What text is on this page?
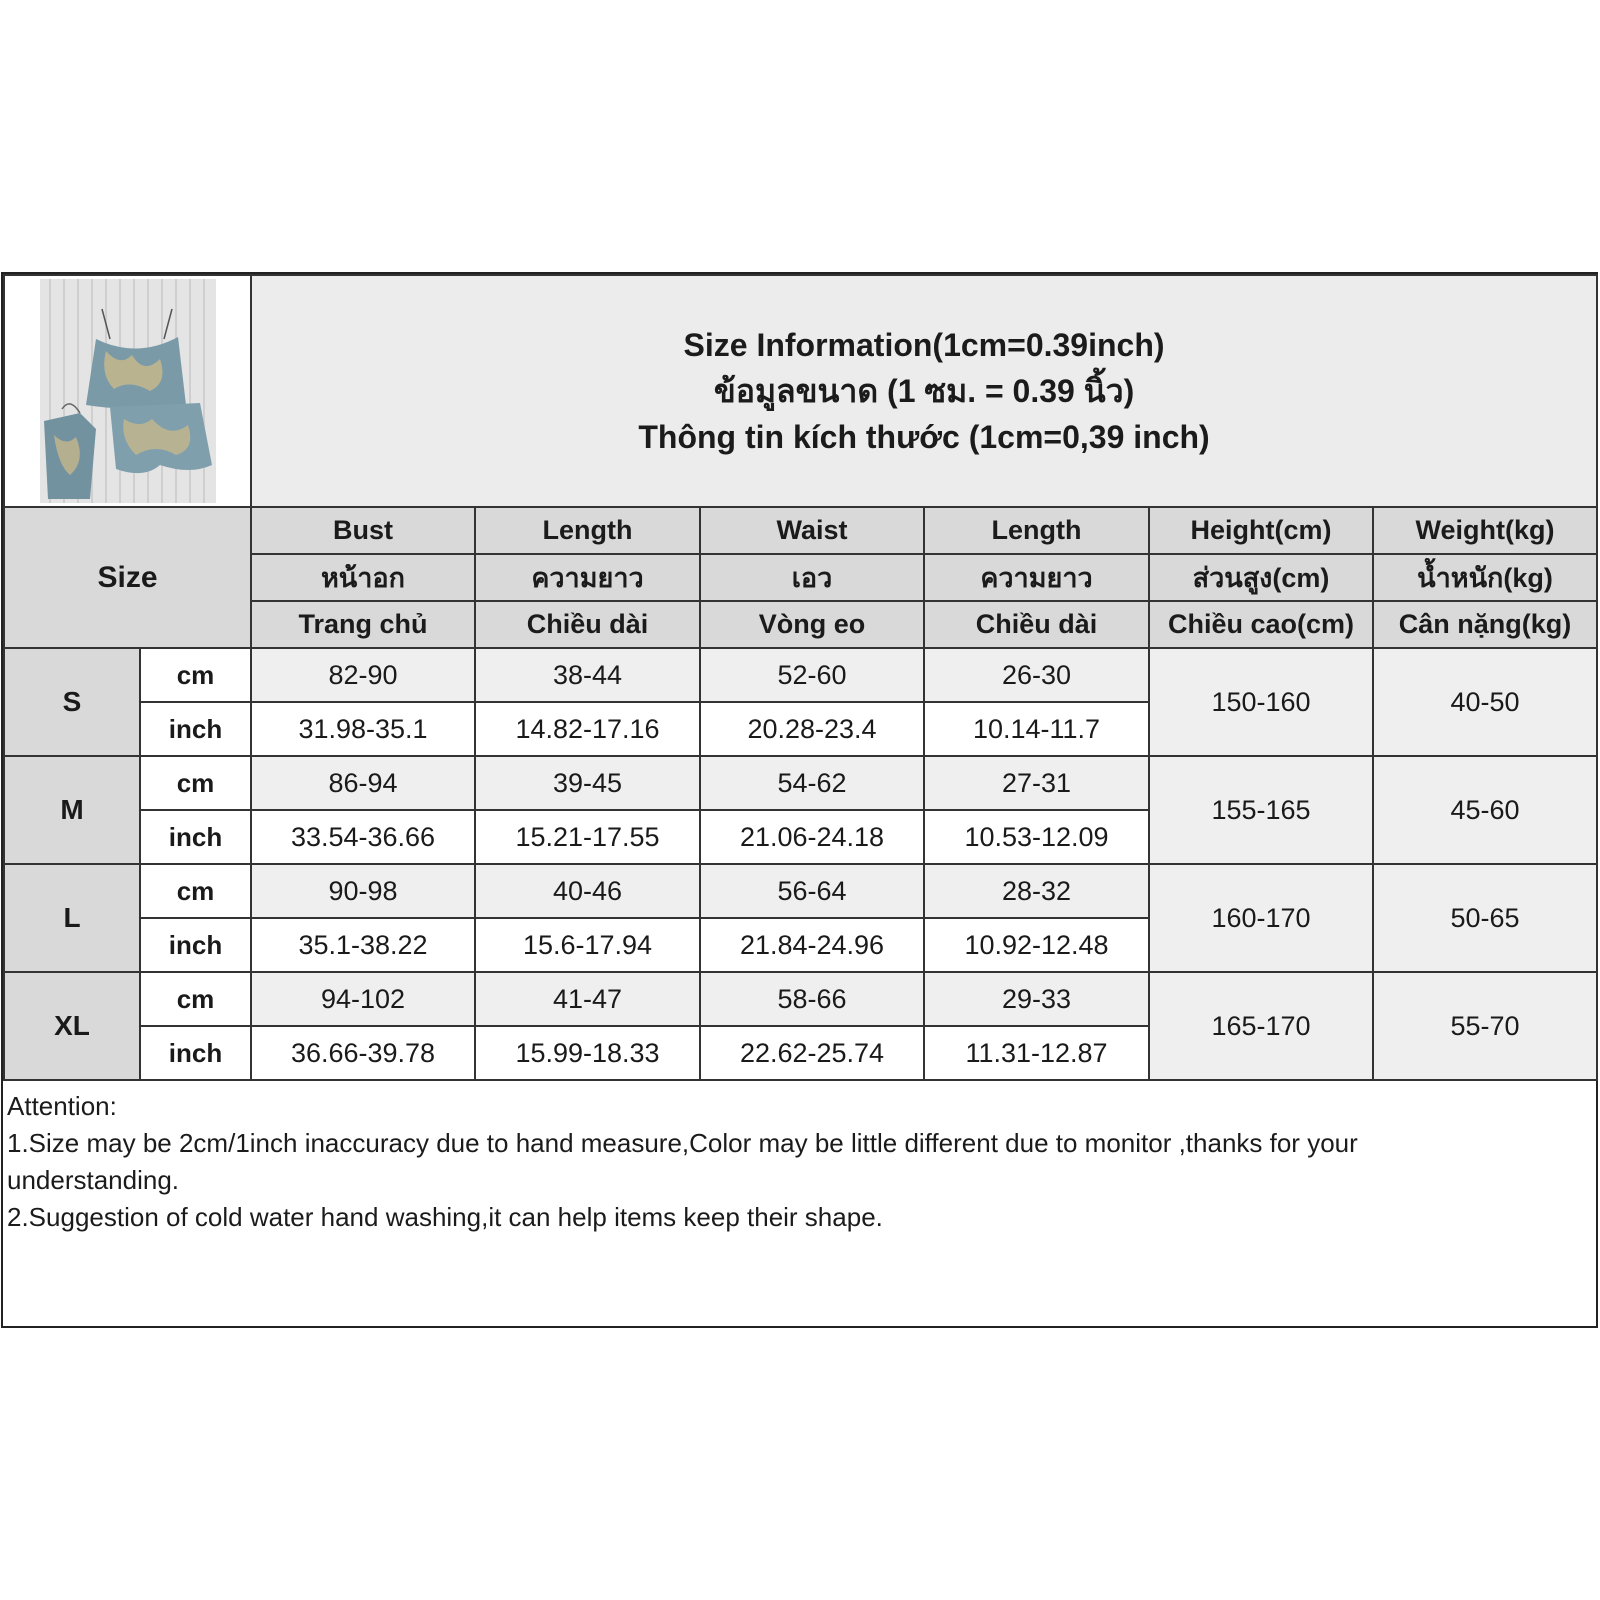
Size Information(1cm=0.39inch)
ข้อมูลขนาด (1 ซม. = 0.39 นิ้ว)
Thông tin kích thước (1cm=0,39 inch)					

Size		Bust	Length	Waist	Length	Height(cm)	Weight(kg)
		หน้าอก	ความยาว	เอว	ความยาว	ส่วนสูง(cm)	น้ำหนัก(kg)
		Trang chủ	Chiều dài	Vòng eo	Chiều dài	Chiều cao(cm)	Cân nặng(kg)
S	cm	82-90	38-44	52-60	26-30	150-160	40-50
	inch	31.98-35.1	14.82-17.16	20.28-23.4	10.14-11.7		
M	cm	86-94	39-45	54-62	27-31	155-165	45-60
	inch	33.54-36.66	15.21-17.55	21.06-24.18	10.53-12.09		
L	cm	90-98	40-46	56-64	28-32	160-170	50-65
	inch	35.1-38.22	15.6-17.94	21.84-24.96	10.92-12.48		
XL	cm	94-102	41-47	58-66	29-33	165-170	55-70
	inch	36.66-39.78	15.99-18.33	22.62-25.74	11.31-12.87		
Attention:
1.Size may be 2cm/1inch inaccuracy due to hand measure,Color may be little different due to monitor ,thanks for your
understanding.
2.Suggestion of cold water hand washing,it can help items keep their shape.
